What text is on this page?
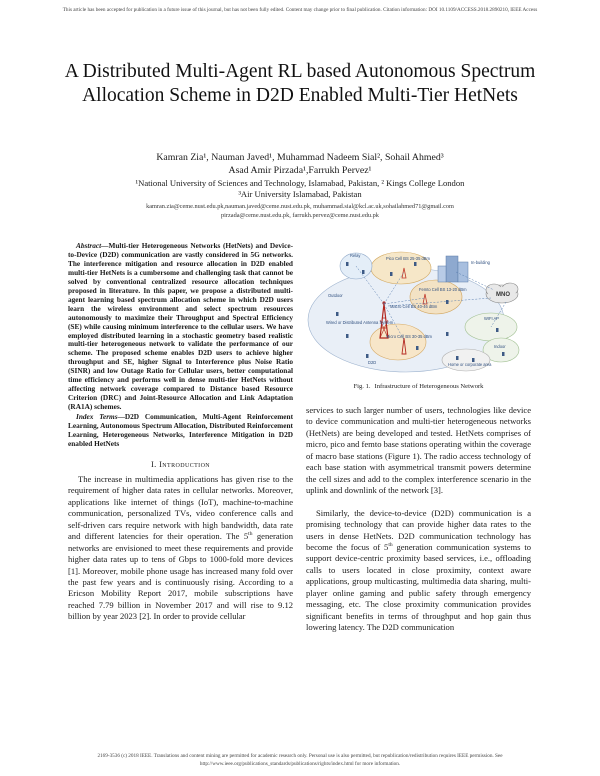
This article has been accepted for publication in a future issue of this journal, but has not been fully edited. Content may change prior to final publication. Citation information: DOI 10.1109/ACCESS.2018.2890210, IEEE Access
A Distributed Multi-Agent RL based Autonomous Spectrum Allocation Scheme in D2D Enabled Multi-Tier HetNets
Kamran Zia¹, Nauman Javed¹, Muhammad Nadeem Sial², Sohail Ahmed³
Asad Amir Pirzada¹,Farrukh Pervez¹
¹National University of Sciences and Technology, Islamabad, Pakistan, ² Kings College London
³Air University Islamabad, Pakistan
kamran.zia@ceme.nust.edu.pk,nauman.javed@ceme.nust.edu.pk, muhammad.sial@kcl.ac.uk,sohailahmed71@gmail.com
pirzada@ceme.nust.edu.pk, farrukh.pervez@ceme.nust.edu.pk

Abstract—Multi-tier Heterogeneous Networks (HetNets) and Device-to-Device (D2D) communication are vastly considered in 5G networks. The interference mitigation and resource allocation in D2D enabled multi-tier HetNets is a cumbersome and challenging task that cannot be solved by conventional centralized resource allocation techniques proposed in literature. In this paper, we propose a distributed multi-agent learning based spectrum allocation scheme in which D2D users learn the wireless environment and select spectrum resources autonomously to maximize their Throughput and Spectral Efficiency (SE) while causing minimum interference to the cellular users. We have employed distributed learning in a stochastic geometry based realistic multi-tier heterogeneous network to validate the performance of our scheme. The proposed scheme enables D2D users to achieve higher throughput and SE, higher Signal to Interference plus Noise Ratio (SINR) and low Outage Ratio for Cellular users, better computational time efficiency and performs well in dense multi-tier HetNets without affecting network coverage compared to Distance based Resource Criterion (DRC) and Joint-Resource Allocation and Link Adaptation (RA1A) schemes.

Index Terms—D2D Communication, Multi-Agent Reinforcement Learning, Autonomous Spectrum Allocation, Distributed Reinforcement Learning, Heterogeneous Networks, Interference Mitigation in D2D enabled HetNets

I. Introduction

The increase in multimedia applications has given rise to the requirement of higher data rates in cellular networks. Moreover, applications like internet of things (IoT), machine-to-machine communication, personalized TVs, video conference calls and self-driven cars require network with high bandwidth, data rate and different latencies for their operation. The 5th generation networks are envisioned to meet these requirements and provide higher data rates up to tens of Gbps to 1000-fold more devices [1]. Moreover, mobile phone usage has increased many fold over the past few years and is continuously rising. According to a Ericson Mobility Report 2017, mobile subscriptions have reached 7.79 billion in November 2017 and will rise to 9.12 billion by year 2023 [2]. In order to provide cellular

Relay
Pico Cell BS 25-35 dBm
Femto Cell BS 13-20 dBm
In-building
MNO
Outdoor
Macro Cell BS 40-46 dBm
Wired or Distributed Antenna System
WIFI AP
Micro Cell BS 30-35 dBm
Indoor
Home or corporate area
D2D
Fig. 1. Infrastructure of Heterogeneous Network

services to such larger number of users, technologies like device to device communication and multi-tier heterogeneous networks (HetNets) are being developed and tested. HetNets comprises of micro, pico and femto base stations operating within the coverage of macro base stations (Figure 1). The radio access technology of each base station with asymmetrical transmit powers determine the cell sizes and add to the complex interference scenario in the uplink and downlink of the network [3].

Similarly, the device-to-device (D2D) communication is a promising technology that can provide higher data rates to the users in dense HetNets. D2D communication technology has become the focus of 5th generation communication systems to support device-centric proximity based services, i.e., offloading calls to users located in close proximity, context aware applications, group multicasting, multimedia data sharing, multi-player online gaming and public safety through emergency messaging, etc. The close proximity communication provides significant benefits in terms of throughput and hop gain thus lowering latency. The D2D communication

2169-3536 (c) 2018 IEEE. Translations and content mining are permitted for academic research only. Personal use is also permitted, but republication/redistribution requires IEEE permission. See
http://www.ieee.org/publications_standards/publications/rights/index.html for more information.
